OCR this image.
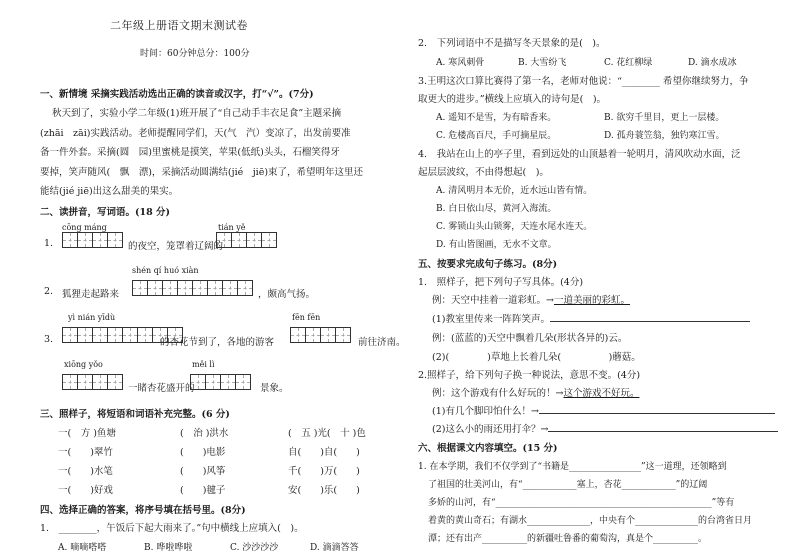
二年级上册语文期末测试卷
时间：60分钟总分：100分
一、新情境 采摘实践活动选出正确的读音或汉字，打“√”。(7分)
秋天到了，实验小学二年级(1)班开展了“自己动手丰衣足食”主题采摘
(zhāi　zāi)实践活动。老师提醒同学们，天(气　汽）变凉了，出发前要准
备一件外套。采摘(圆　园)里蜜桃是摸笑，苹果(低纸)头头，石榴笑得牙
要掉，笑声随风(　飘　漂)，采摘活动圆满结(jié　jiē)束了，希望明年这里还
能结(jié jiē)出这么甜美的果实。
二、读拼音，写词语。(18 分)
cōng máng	tián yě
1.	的夜空，笼罩着辽阔的
shén qí huó xiàn
2. 狐狸走起路来	，颇高气扬。
yì nián yīdù	fēn fēn
3.	的杏花节到了，各地的游客	前往济南。
xiōng yǒo	měi lì
一睹杏花盛开的	景象。
三、照样子，将短语和词语补充完整。(6 分)
一(　方 )鱼塘	(　治 )洪水	(　五 )光(　十 )色
一(　　)翠竹	(　　)电影	自(　　)自(　　)
一(　　)水笔	(　　)风筝	千(　　)万(　　)
一(　　)好戏	(　　)毽子	安(　　)乐(　　)
四、选择正确的答案，将序号填在括号里。(8分)
1.　________，午饭后下起大雨来了。”句中横线上应填入(　)。
A. 嘀嘀嗒嗒	B. 哗啦哗啦	C. 沙沙沙沙	D. 滴滴答答
2.　下列词语中不是描写冬天景象的是(　)。
A. 寒风刺骨	B. 大雪纷飞	C. 花红柳绿	D. 滴水成冰
3.王明这次口算比赛得了第一名，老师对他说：“________ 希望你继续努力，争
取更大的进步。”横线上应填入的诗句是(　)。
A. 遥知不是雪，为有暗香来。	B. 欲穷千里目，更上一层楼。
C. 危楼高百尺，手可摘星辰。	D. 孤舟蓑笠翁，独钓寒江雪。
4.　我站在山上的亭子里，看到远处的山顶悬着一轮明月，清风吹动水面，泛
起层层波纹，不由得想起(　)。
A. 清风明月本无价，近水远山皆有情。
B. 白日依山尽，黄河入海流。
C. 雾锁山头山锁雾，天连水尾水连天。
D. 有山皆图画，无水不文章。
五、按要求完成句子练习。(8分)
1.　照样子，把下列句子写具体。(4分)
例：天空中挂着一道彩虹。→一道美丽的彩虹。
(1)教室里传来一阵阵笑声。
例：(蓝蓝的)天空中飘着几朵(形状各异的)云。
(2)(　　　　)草地上长着几朵(　　　　　)蘑菇。
2.照样子，给下列句子换一种说法，意思不变。(4分)
例：这个游戏有什么好玩的！→这个游戏不好玩。
(1)有几个脚印怕什么！→
(2)这么小的雨还用打伞？→
六、根据课文内容填空。(15 分)
1. 在本学期，我们不仅学到了“书籍是________________”这一道理，还领略到
了祖国的壮美河山，有“____________塞上，杏花____________”的辽阔
多娇的山河，有“________________________________________________”等有
着黄的黄山奇石；有湖水______________，中央有个______________的台湾省日月
潭；还有出产__________的新疆吐鲁番的葡萄沟，真是个__________。
